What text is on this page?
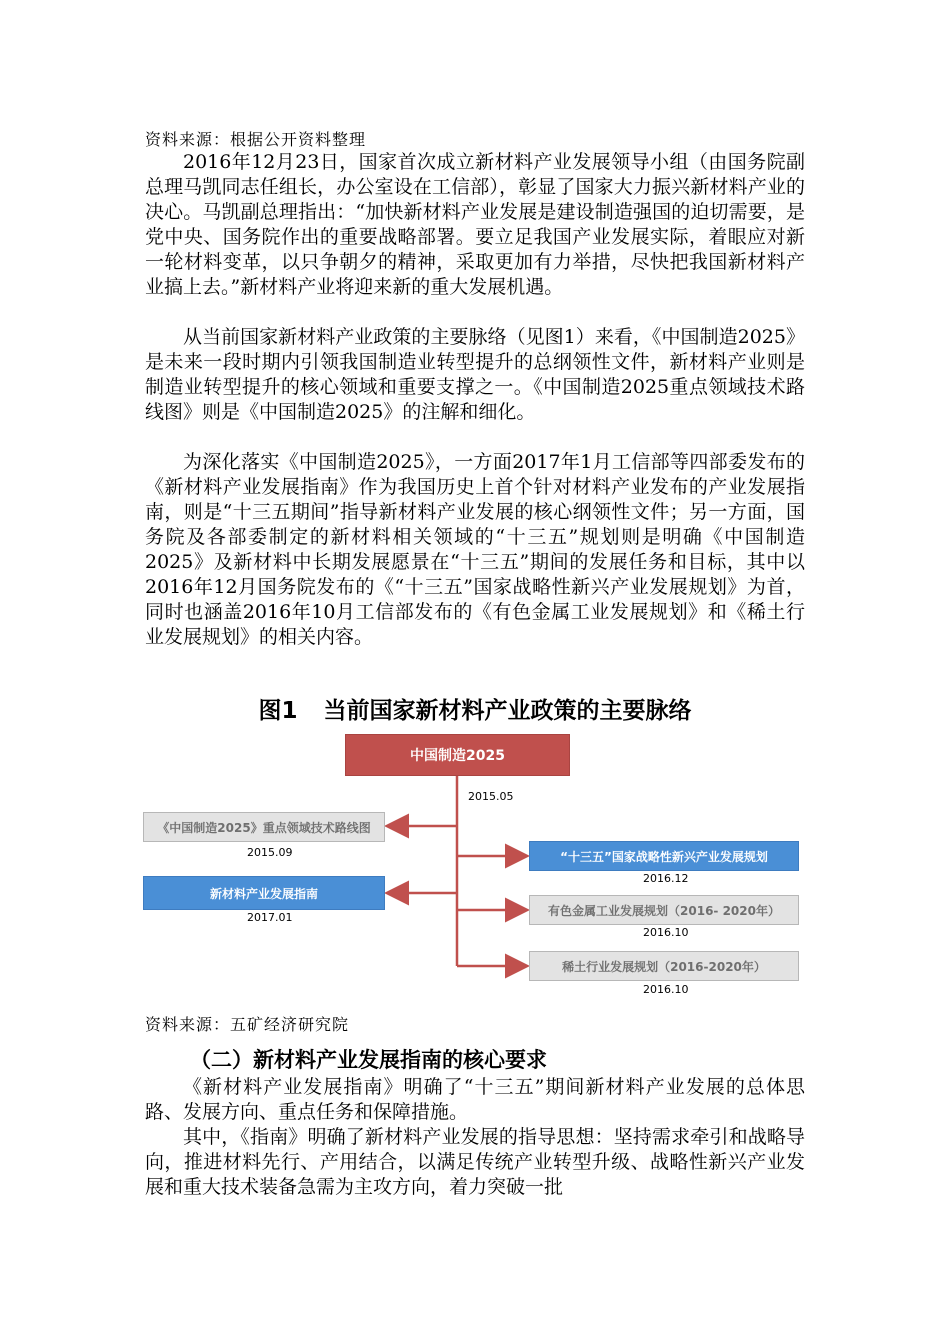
资料来源：根据公开资料整理

2016年12月23日，国家首次成立新材料产业发展领导小组（由国务院副总理马凯同志任组长，办公室设在工信部），彰显了国家大力振兴新材料产业的决心。马凯副总理指出：“加快新材料产业发展是建设制造强国的迫切需要，是党中央、国务院作出的重要战略部署。要立足我国产业发展实际，着眼应对新一轮材料变革，以只争朝夕的精神，采取更加有力举措，尽快把我国新材料产业搞上去。”新材料产业将迎来新的重大发展机遇。

从当前国家新材料产业政策的主要脉络（见图1）来看，《中国制造2025》是未来一段时期内引领我国制造业转型提升的总纲领性文件，新材料产业则是制造业转型提升的核心领域和重要支撑之一。《中国制造2025重点领域技术路线图》则是《中国制造2025》的注解和细化。

为深化落实《中国制造2025》，一方面2017年1月工信部等四部委发布的《新材料产业发展指南》作为我国历史上首个针对材料产业发布的产业发展指南，则是“十三五期间”指导新材料产业发展的核心纲领性文件；另一方面，国务院及各部委制定的新材料相关领域的“十三五”规划则是明确《中国制造2025》及新材料中长期发展愿景在“十三五”期间的发展任务和目标，其中以2016年12月国务院发布的《“十三五”国家战略性新兴产业发展规划》为首，同时也涵盖2016年10月工信部发布的《有色金属工业发展规划》和《稀土行业发展规划》的相关内容。

图1 当前国家新材料产业政策的主要脉络
中国制造2025
2015.05
《中国制造2025》重点领域技术路线图
2015.09
新材料产业发展指南
2017.01
“十三五”国家战略性新兴产业发展规划
2016.12
有色金属工业发展规划（2016- 2020年）
2016.10
稀土行业发展规划（2016-2020年）
2016.10
资料来源：五矿经济研究院
（二）新材料产业发展指南的核心要求

《新材料产业发展指南》明确了“十三五”期间新材料产业发展的总体思路、发展方向、重点任务和保障措施。

其中，《指南》明确了新材料产业发展的指导思想：坚持需求牵引和战略导向，推进材料先行、产用结合，以满足传统产业转型升级、战略性新兴产业发展和重大技术装备急需为主攻方向，着力突破一批
